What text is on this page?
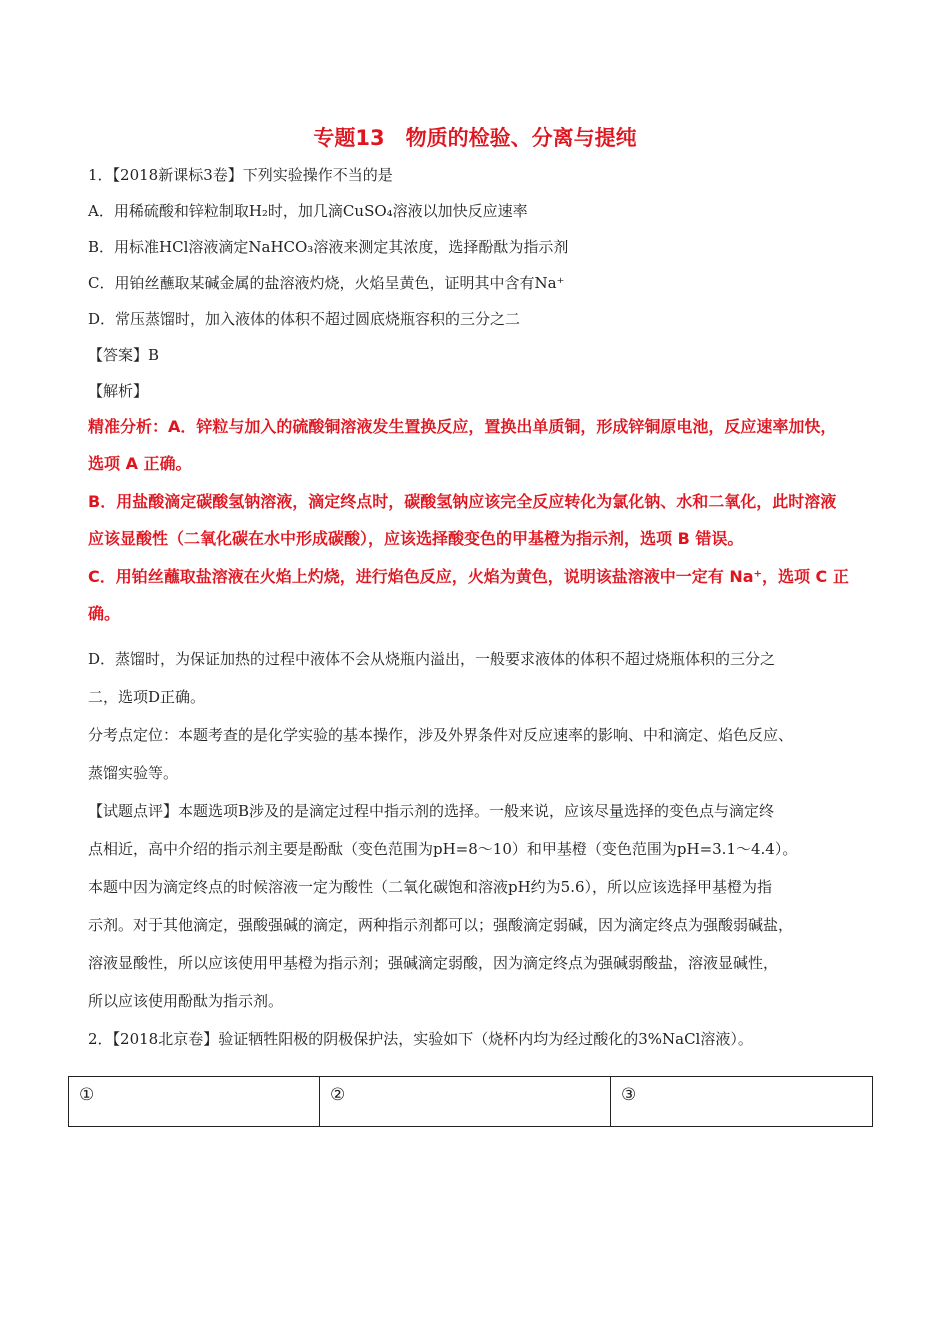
专题13　物质的检验、分离与提纯
1．【2018新课标3卷】下列实验操作不当的是
A．用稀硫酸和锌粒制取H₂时，加几滴CuSO₄溶液以加快反应速率
B．用标准HCl溶液滴定NaHCO₃溶液来测定其浓度，选择酚酞为指示剂
C．用铂丝蘸取某碱金属的盐溶液灼烧，火焰呈黄色，证明其中含有Na⁺
D．常压蒸馏时，加入液体的体积不超过圆底烧瓶容积的三分之二
【答案】B
【解析】
精准分析：A．锌粒与加入的硫酸铜溶液发生置换反应，置换出单质铜，形成锌铜原电池，反应速率加快，
选项 A 正确。
B．用盐酸滴定碳酸氢钠溶液，滴定终点时，碳酸氢钠应该完全反应转化为氯化钠、水和二氧化，此时溶液
应该显酸性（二氧化碳在水中形成碳酸），应该选择酸变色的甲基橙为指示剂，选项 B 错误。
C．用铂丝蘸取盐溶液在火焰上灼烧，进行焰色反应，火焰为黄色，说明该盐溶液中一定有 Na⁺，选项 C 正
确。
D．蒸馏时，为保证加热的过程中液体不会从烧瓶内溢出，一般要求液体的体积不超过烧瓶体积的三分之
二，选项D正确。
分考点定位：本题考查的是化学实验的基本操作，涉及外界条件对反应速率的影响、中和滴定、焰色反应、
蒸馏实验等。
【试题点评】本题选项B涉及的是滴定过程中指示剂的选择。一般来说，应该尽量选择的变色点与滴定终
点相近，高中介绍的指示剂主要是酚酞（变色范围为pH=8～10）和甲基橙（变色范围为pH=3.1～4.4）。
本题中因为滴定终点的时候溶液一定为酸性（二氧化碳饱和溶液pH约为5.6），所以应该选择甲基橙为指
示剂。对于其他滴定，强酸强碱的滴定，两种指示剂都可以；强酸滴定弱碱，因为滴定终点为强酸弱碱盐，
溶液显酸性，所以应该使用甲基橙为指示剂；强碱滴定弱酸，因为滴定终点为强碱弱酸盐，溶液显碱性，
所以应该使用酚酞为指示剂。
2．【2018北京卷】验证牺牲阳极的阴极保护法，实验如下（烧杯内均为经过酸化的3%NaCl溶液）。
①	②	③
